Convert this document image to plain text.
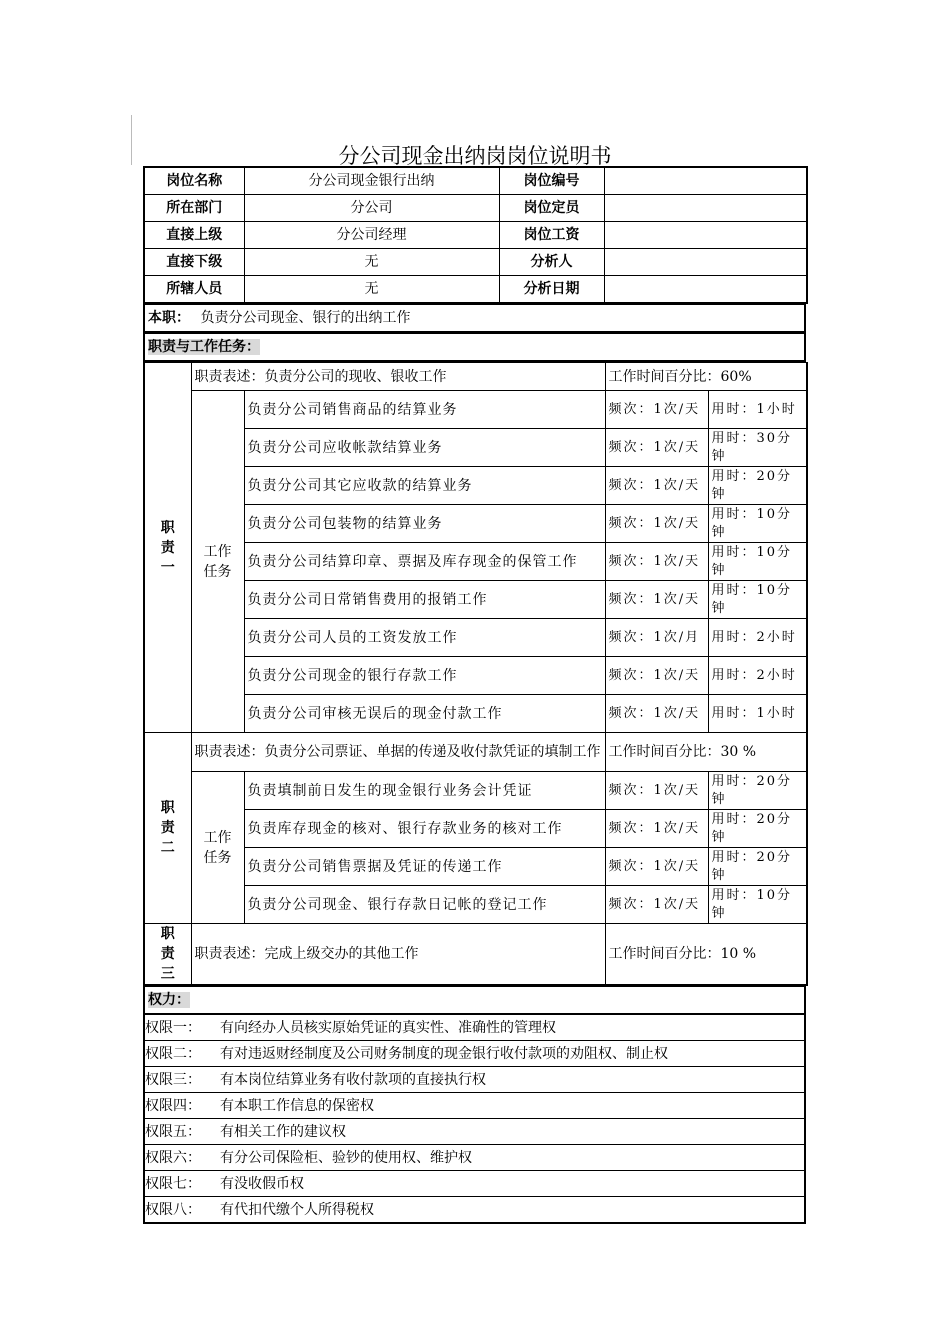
分公司现金出纳岗岗位说明书
岗位名称	分公司现金银行出纳	岗位编号	
所在部门	分公司	岗位定员	
直接上级	分公司经理	岗位工资	
直接下级	无	分析人	
所辖人员	无	分析日期	
本职： 负责分公司现金、银行的出纳工作
职责与工作任务：
职责一	职责表述：负责分公司的现收、银收工作		工作时间百分比：60%	
	工作任务	负责分公司销售商品的结算业务	频次：1次/天	用时：1小时
		负责分公司应收帐款结算业务	频次：1次/天	用时：30分钟
		负责分公司其它应收款的结算业务	频次：1次/天	用时：20分钟
		负责分公司包装物的结算业务	频次：1次/天	用时：10分钟
		负责分公司结算印章、票据及库存现金的保管工作	频次：1次/天	用时：10分钟
		负责分公司日常销售费用的报销工作	频次：1次/天	用时：10分钟
		负责分公司人员的工资发放工作	频次：1次/月	用时：2小时
		负责分公司现金的银行存款工作	频次：1次/天	用时：2小时
		负责分公司审核无误后的现金付款工作	频次：1次/天	用时：1小时
职责二	职责表述：负责分公司票证、单据的传递及收付款凭证的填制工作		工作时间百分比：30 %	
	工作任务	负责填制前日发生的现金银行业务会计凭证	频次：1次/天	用时：20分钟
		负责库存现金的核对、银行存款业务的核对工作	频次：1次/天	用时：20分钟
		负责分公司销售票据及凭证的传递工作	频次：1次/天	用时：20分钟
		负责分公司现金、银行存款日记帐的登记工作	频次：1次/天	用时：10分钟
职责三	职责表述：完成上级交办的其他工作		工作时间百分比：10 %	
权力：
权限一： 有向经办人员核实原始凭证的真实性、准确性的管理权
权限二： 有对违返财经制度及公司财务制度的现金银行收付款项的劝阻权、制止权
权限三： 有本岗位结算业务有收付款项的直接执行权
权限四： 有本职工作信息的保密权
权限五： 有相关工作的建议权
权限六： 有分公司保险柜、验钞的使用权、维护权
权限七： 有没收假币权
权限八： 有代扣代缴个人所得税权
